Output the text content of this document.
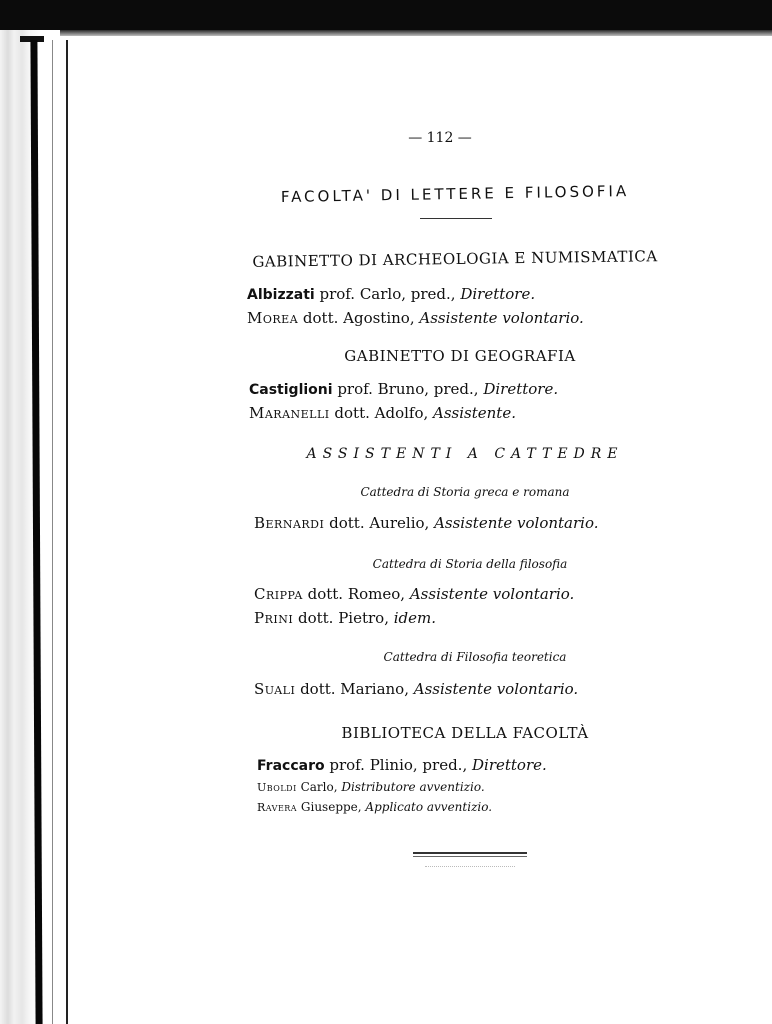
— 112 —
FACOLTA' DI LETTERE E FILOSOFIA
GABINETTO DI ARCHEOLOGIA E NUMISMATICA
Albizzati prof. Carlo, pred., Direttore.
Morea dott. Agostino, Assistente volontario.
GABINETTO DI GEOGRAFIA
Castiglioni prof. Bruno, pred., Direttore.
Maranelli dott. Adolfo, Assistente.
ASSISTENTI A CATTEDRE
Cattedra di Storia greca e romana
Bernardi dott. Aurelio, Assistente volontario.
Cattedra di Storia della filosofia
Crippa dott. Romeo, Assistente volontario.
Prini dott. Pietro, idem.
Cattedra di Filosofia teoretica
Suali dott. Mariano, Assistente volontario.
BIBLIOTECA DELLA FACOLTÀ
Fraccaro prof. Plinio, pred., Direttore.
Uboldi Carlo, Distributore avventizio.
Ravera Giuseppe, Applicato avventizio.
